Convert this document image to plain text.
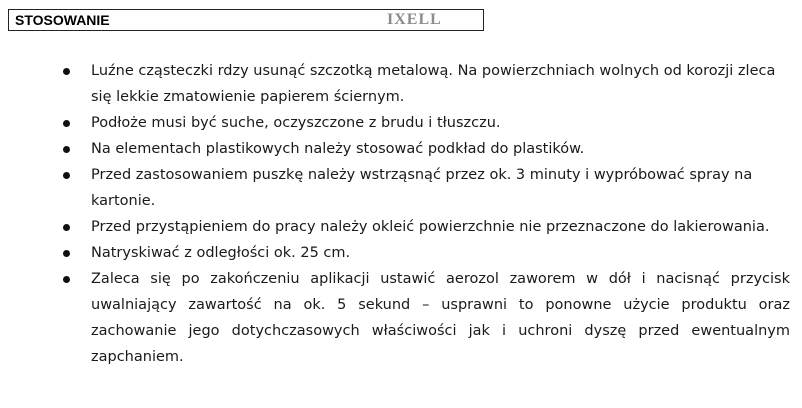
STOSOWANIE	IXELL
Luźne cząsteczki rdzy usunąć szczotką metalową. Na powierzchniach wolnych od korozji zleca się lekkie zmatowienie papierem ściernym.
Podłoże musi być suche, oczyszczone z brudu i tłuszczu.
Na elementach plastikowych należy stosować podkład do plastików.
Przed zastosowaniem puszkę należy wstrząsnąć przez ok. 3 minuty i wypróbować spray na kartonie.
Przed przystąpieniem do pracy należy okleić powierzchnie nie przeznaczone do lakierowania.
Natryskiwać z odległości ok. 25 cm.
Zaleca się po zakończeniu aplikacji ustawić aerozol zaworem w dół i nacisnąć przycisk uwalniający zawartość na ok. 5 sekund – usprawni to ponowne użycie produktu oraz zachowanie jego dotychczasowych właściwości jak i uchroni dyszę przed ewentualnym zapchaniem.
